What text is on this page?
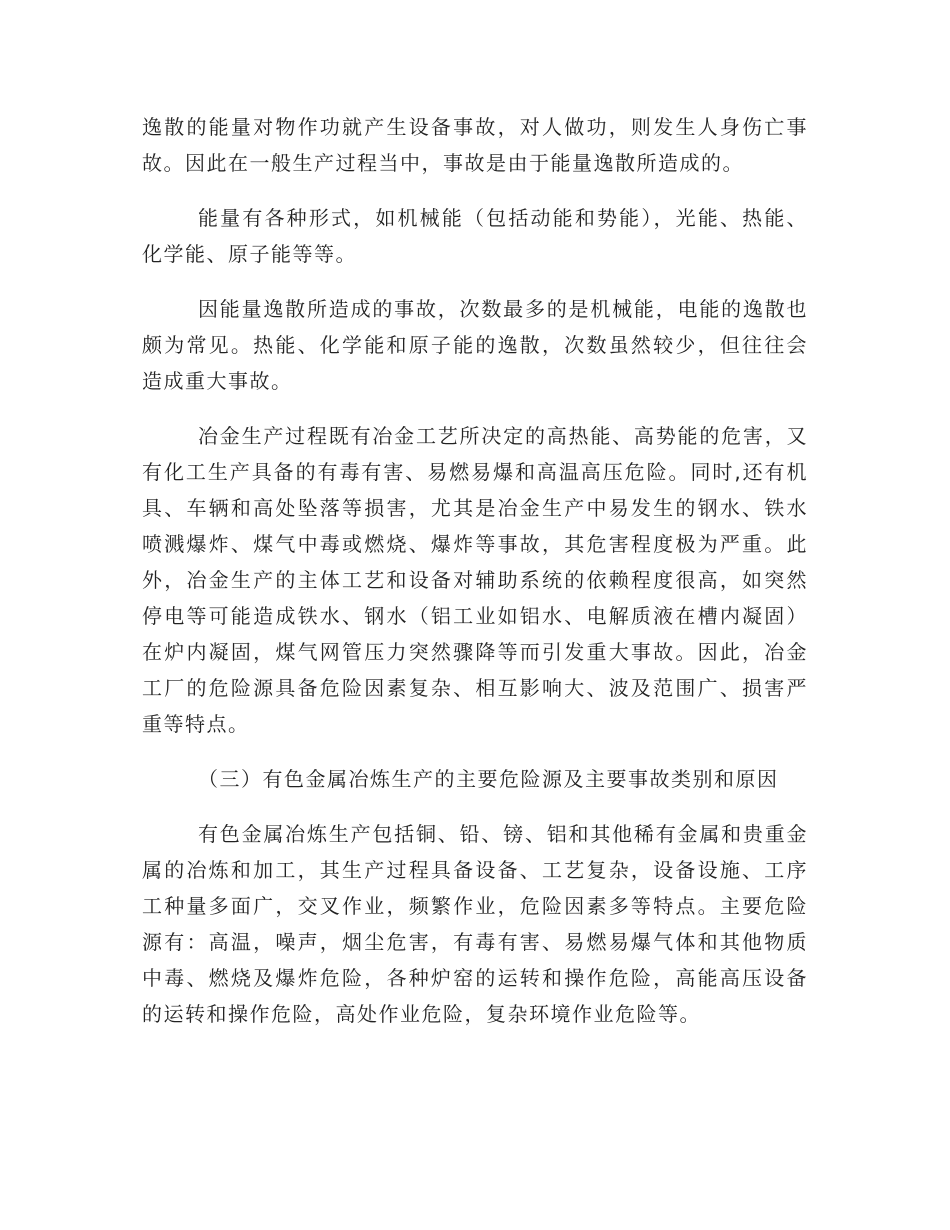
逸散的能量对物作功就产生设备事故，对人做功，则发生人身伤亡事
故。因此在一般生产过程当中，事故是由于能量逸散所造成的。
能量有各种形式，如机械能（包括动能和势能），光能、热能、
化学能、原子能等等。
因能量逸散所造成的事故，次数最多的是机械能，电能的逸散也
颇为常见。热能、化学能和原子能的逸散，次数虽然较少，但往往会
造成重大事故。
冶金生产过程既有冶金工艺所决定的高热能、高势能的危害，又
有化工生产具备的有毒有害、易燃易爆和高温高压危险。同时,还有机
具、车辆和高处坠落等损害，尤其是冶金生产中易发生的钢水、铁水
喷溅爆炸、煤气中毒或燃烧、爆炸等事故，其危害程度极为严重。此
外，冶金生产的主体工艺和设备对辅助系统的依赖程度很高，如突然
停电等可能造成铁水、钢水（铝工业如铝水、电解质液在槽内凝固）
在炉内凝固，煤气网管压力突然骤降等而引发重大事故。因此，冶金
工厂的危险源具备危险因素复杂、相互影响大、波及范围广、损害严
重等特点。
（三）有色金属冶炼生产的主要危险源及主要事故类别和原因
有色金属冶炼生产包括铜、铅、镑、铝和其他稀有金属和贵重金
属的冶炼和加工，其生产过程具备设备、工艺复杂，设备设施、工序
工种量多面广，交叉作业，频繁作业，危险因素多等特点。主要危险
源有：高温，噪声，烟尘危害，有毒有害、易燃易爆气体和其他物质
中毒、燃烧及爆炸危险，各种炉窑的运转和操作危险，高能高压设备
的运转和操作危险，高处作业危险，复杂环境作业危险等。
